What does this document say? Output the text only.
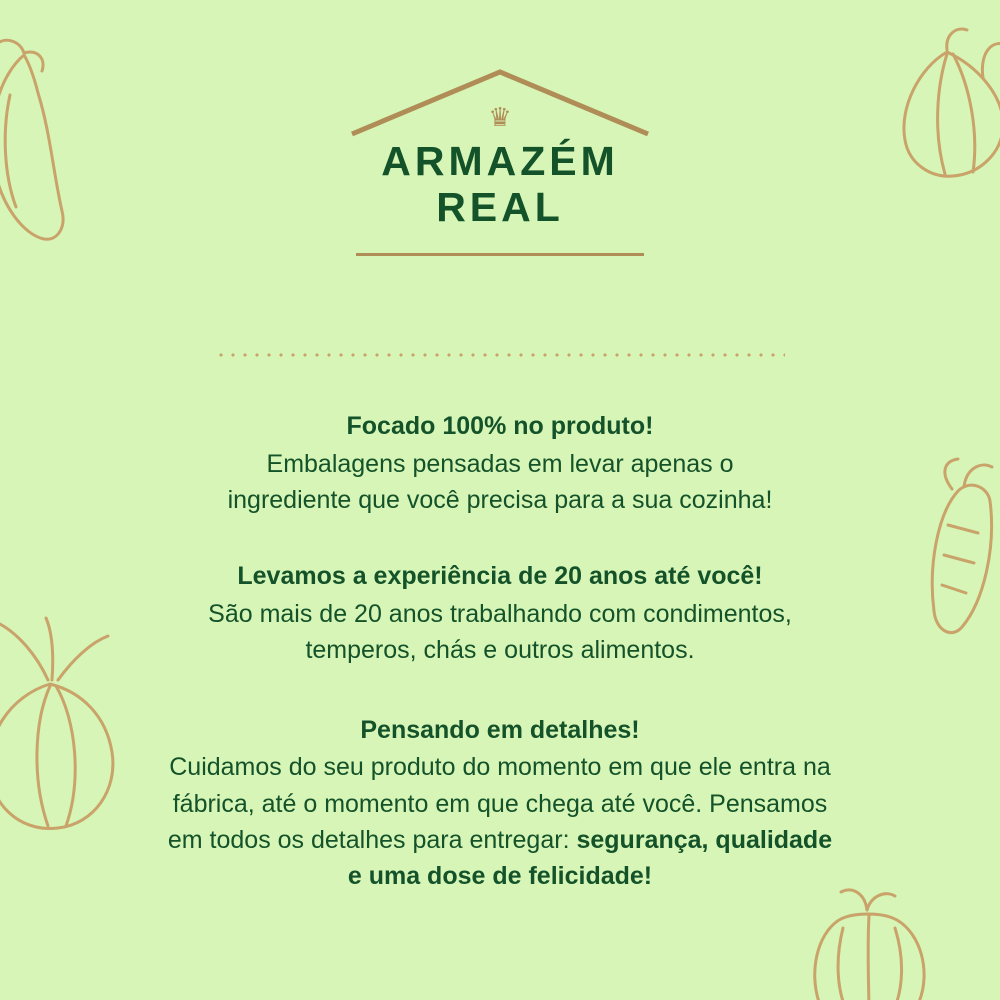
♛
ARMAZÉM
REAL

Focado 100% no produto!

Embalagens pensadas em levar apenas o

ingrediente que você precisa para a sua cozinha!

Levamos a experiência de 20 anos até você!

São mais de 20 anos trabalhando com condimentos,

temperos, chás e outros alimentos.

Pensando em detalhes!

Cuidamos do seu produto do momento em que ele entra na

fábrica, até o momento em que chega até você. Pensamos

em todos os detalhes para entregar: segurança, qualidade

e uma dose de felicidade!
